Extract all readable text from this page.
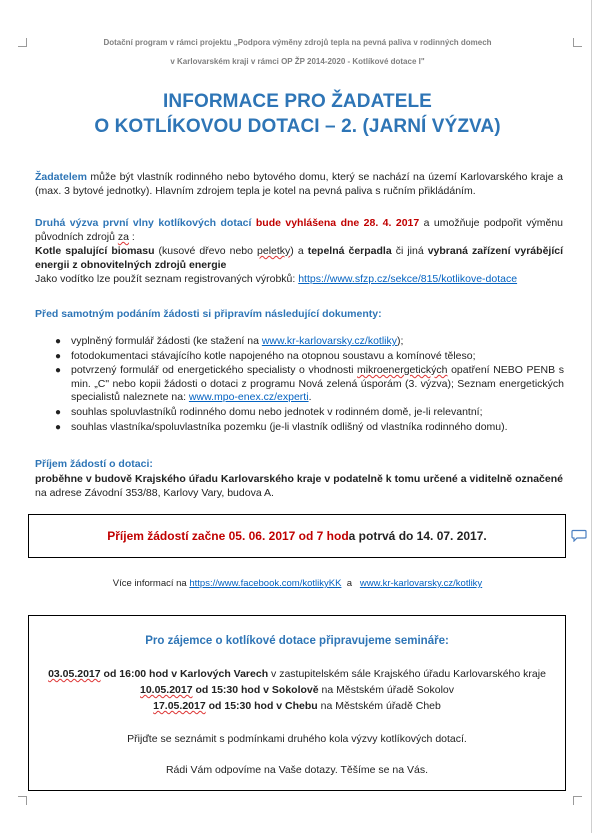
Dotační program v rámci projektu „Podpora výměny zdrojů tepla na pevná paliva v rodinných domech
v Karlovarském kraji v rámci OP ŽP 2014-2020 - Kotlíkové dotace I"
INFORMACE PRO ŽADATELE
O KOTLÍKOVOU DOTACI – 2. (JARNÍ VÝZVA)
Žadatelem může být vlastník rodinného nebo bytového domu, který se nachází na území Karlovarského kraje a (max. 3 bytové jednotky). Hlavním zdrojem tepla je kotel na pevná paliva s ručním přikládáním.
Druhá výzva první vlny kotlíkových dotací bude vyhlášena dne 28. 4. 2017 a umožňuje podpořit výměnu původních zdrojů za :
Kotle spalující biomasu (kusové dřevo nebo peletky) a tepelná čerpadla či jiná vybraná zařízení vyrábějící energii z obnovitelných zdrojů energie
Jako vodítko lze použít seznam registrovaných výrobků: https://www.sfzp.cz/sekce/815/kotlikove-dotace
Před samotným podáním žádosti si připravím následující dokumenty:
● vyplněný formulář žádosti (ke stažení na www.kr-karlovarsky.cz/kotliky);
● fotodokumentaci stávajícího kotle napojeného na otopnou soustavu a komínové těleso;
● potvrzený formulář od energetického specialisty o vhodnosti mikroenergetických opatření NEBO PENB s min. „C" nebo kopii žádosti o dotaci z programu Nová zelená úsporám (3. výzva); Seznam energetických specialistů naleznete na: www.mpo-enex.cz/experti.
● souhlas spoluvlastníků rodinného domu nebo jednotek v rodinném domě, je-li relevantní;
● souhlas vlastníka/spoluvlastníka pozemku (je-li vlastník odlišný od vlastníka rodinného domu).
Příjem žádostí o dotaci:
proběhne v budově Krajského úřadu Karlovarského kraje v podatelně k tomu určené a viditelně označené na adrese Závodní 353/88, Karlovy Vary, budova A.
Příjem žádostí začne 05. 06. 2017 od 7 hod a potrvá do 14. 07. 2017.
Více informací na https://www.facebook.com/kotlikyKK  a   www.kr-karlovarsky.cz/kotliky
Pro zájemce o kotlíkové dotace připravujeme semináře:
03.05.2017 od 16:00 hod v Karlových Varech v zastupitelském sále Krajského úřadu Karlovarského kraje
10.05.2017 od 15:30 hod v Sokolově na Městském úřadě Sokolov
17.05.2017 od 15:30 hod v Chebu na Městském úřadě Cheb
Přijďte se seznámit s podmínkami druhého kola výzvy kotlíkových dotací.
Rádi Vám odpovíme na Vaše dotazy. Těšíme se na Vás.
